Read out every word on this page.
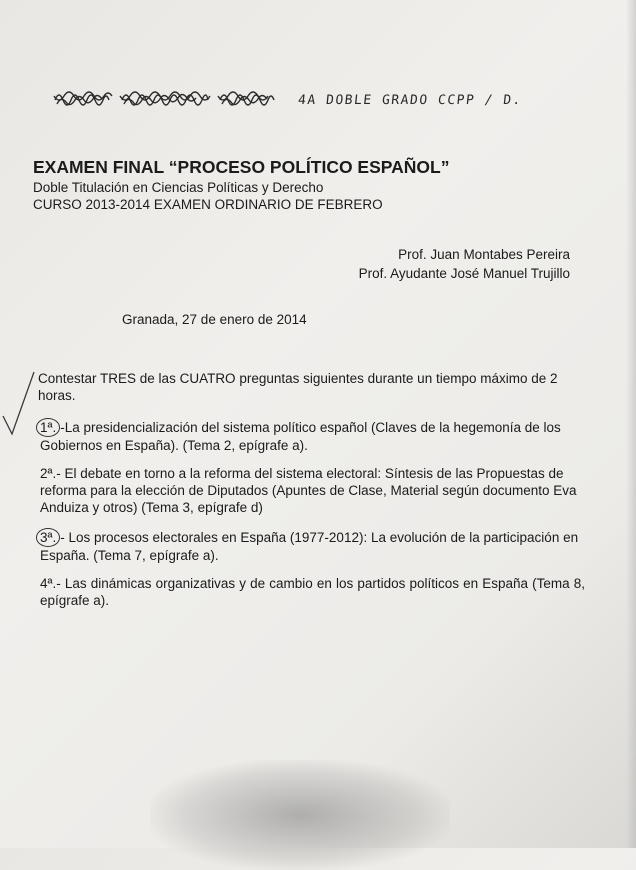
4A DOBLE GRADO CCPP / D.
EXAMEN FINAL “PROCESO POLÍTICO ESPAÑOL”
Doble Titulación en Ciencias Políticas y Derecho
CURSO 2013-2014 EXAMEN ORDINARIO DE FEBRERO
Prof. Juan Montabes Pereira
Prof. Ayudante José Manuel Trujillo
Granada, 27 de enero de 2014
Contestar TRES de las CUATRO preguntas siguientes durante un tiempo máximo de 2 horas.
1ª. -La presidencialización del sistema político español (Claves de la hegemonía de los Gobiernos en España). (Tema 2, epígrafe a).
2ª.- El debate en torno a la reforma del sistema electoral: Síntesis de las Propuestas de reforma para la elección de Diputados (Apuntes de Clase, Material según documento Eva Anduiza y otros) (Tema 3, epígrafe d)
3ª. - Los procesos electorales en España (1977-2012): La evolución de la participación en España. (Tema 7, epígrafe a).
4ª.- Las dinámicas organizativas y de cambio en los partidos políticos en España (Tema 8, epígrafe a).
